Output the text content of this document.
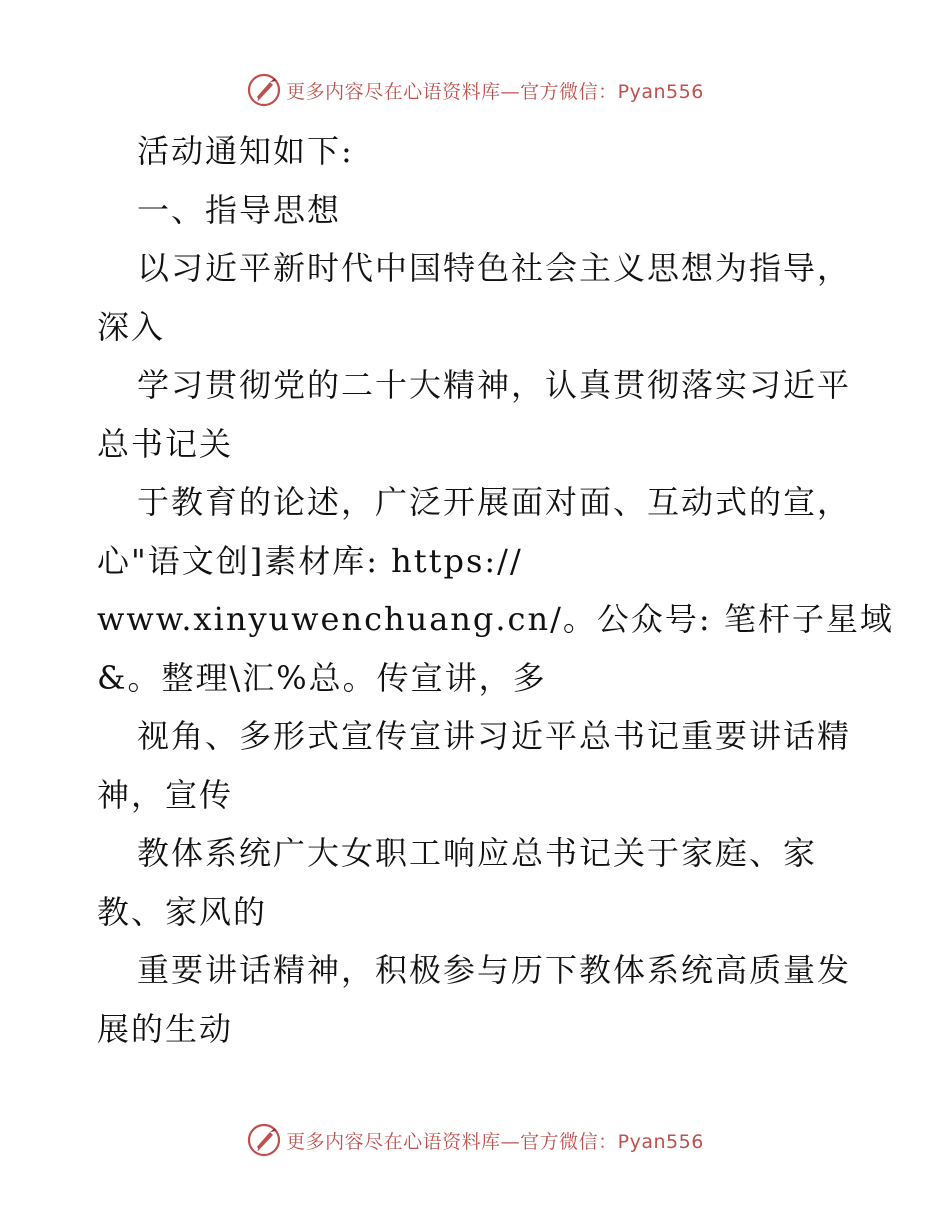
更多内容尽在心语资料库—官方微信：Pyan556
活动通知如下:
一、指导思想
以习近平新时代中国特色社会主义思想为指导，
深入
学习贯彻党的二十大精神，认真贯彻落实习近平
总书记关
于教育的论述，广泛开展面对面、互动式的宣，
心"语文创]素材库: https://
www.xinyuwenchuang.cn/。公众号: 笔杆子星域
&。整理\汇%总。传宣讲，多
视角、多形式宣传宣讲习近平总书记重要讲话精
神，宣传
教体系统广大女职工响应总书记关于家庭、家
教、家风的
重要讲话精神，积极参与历下教体系统高质量发
展的生动
更多内容尽在心语资料库—官方微信：Pyan556
